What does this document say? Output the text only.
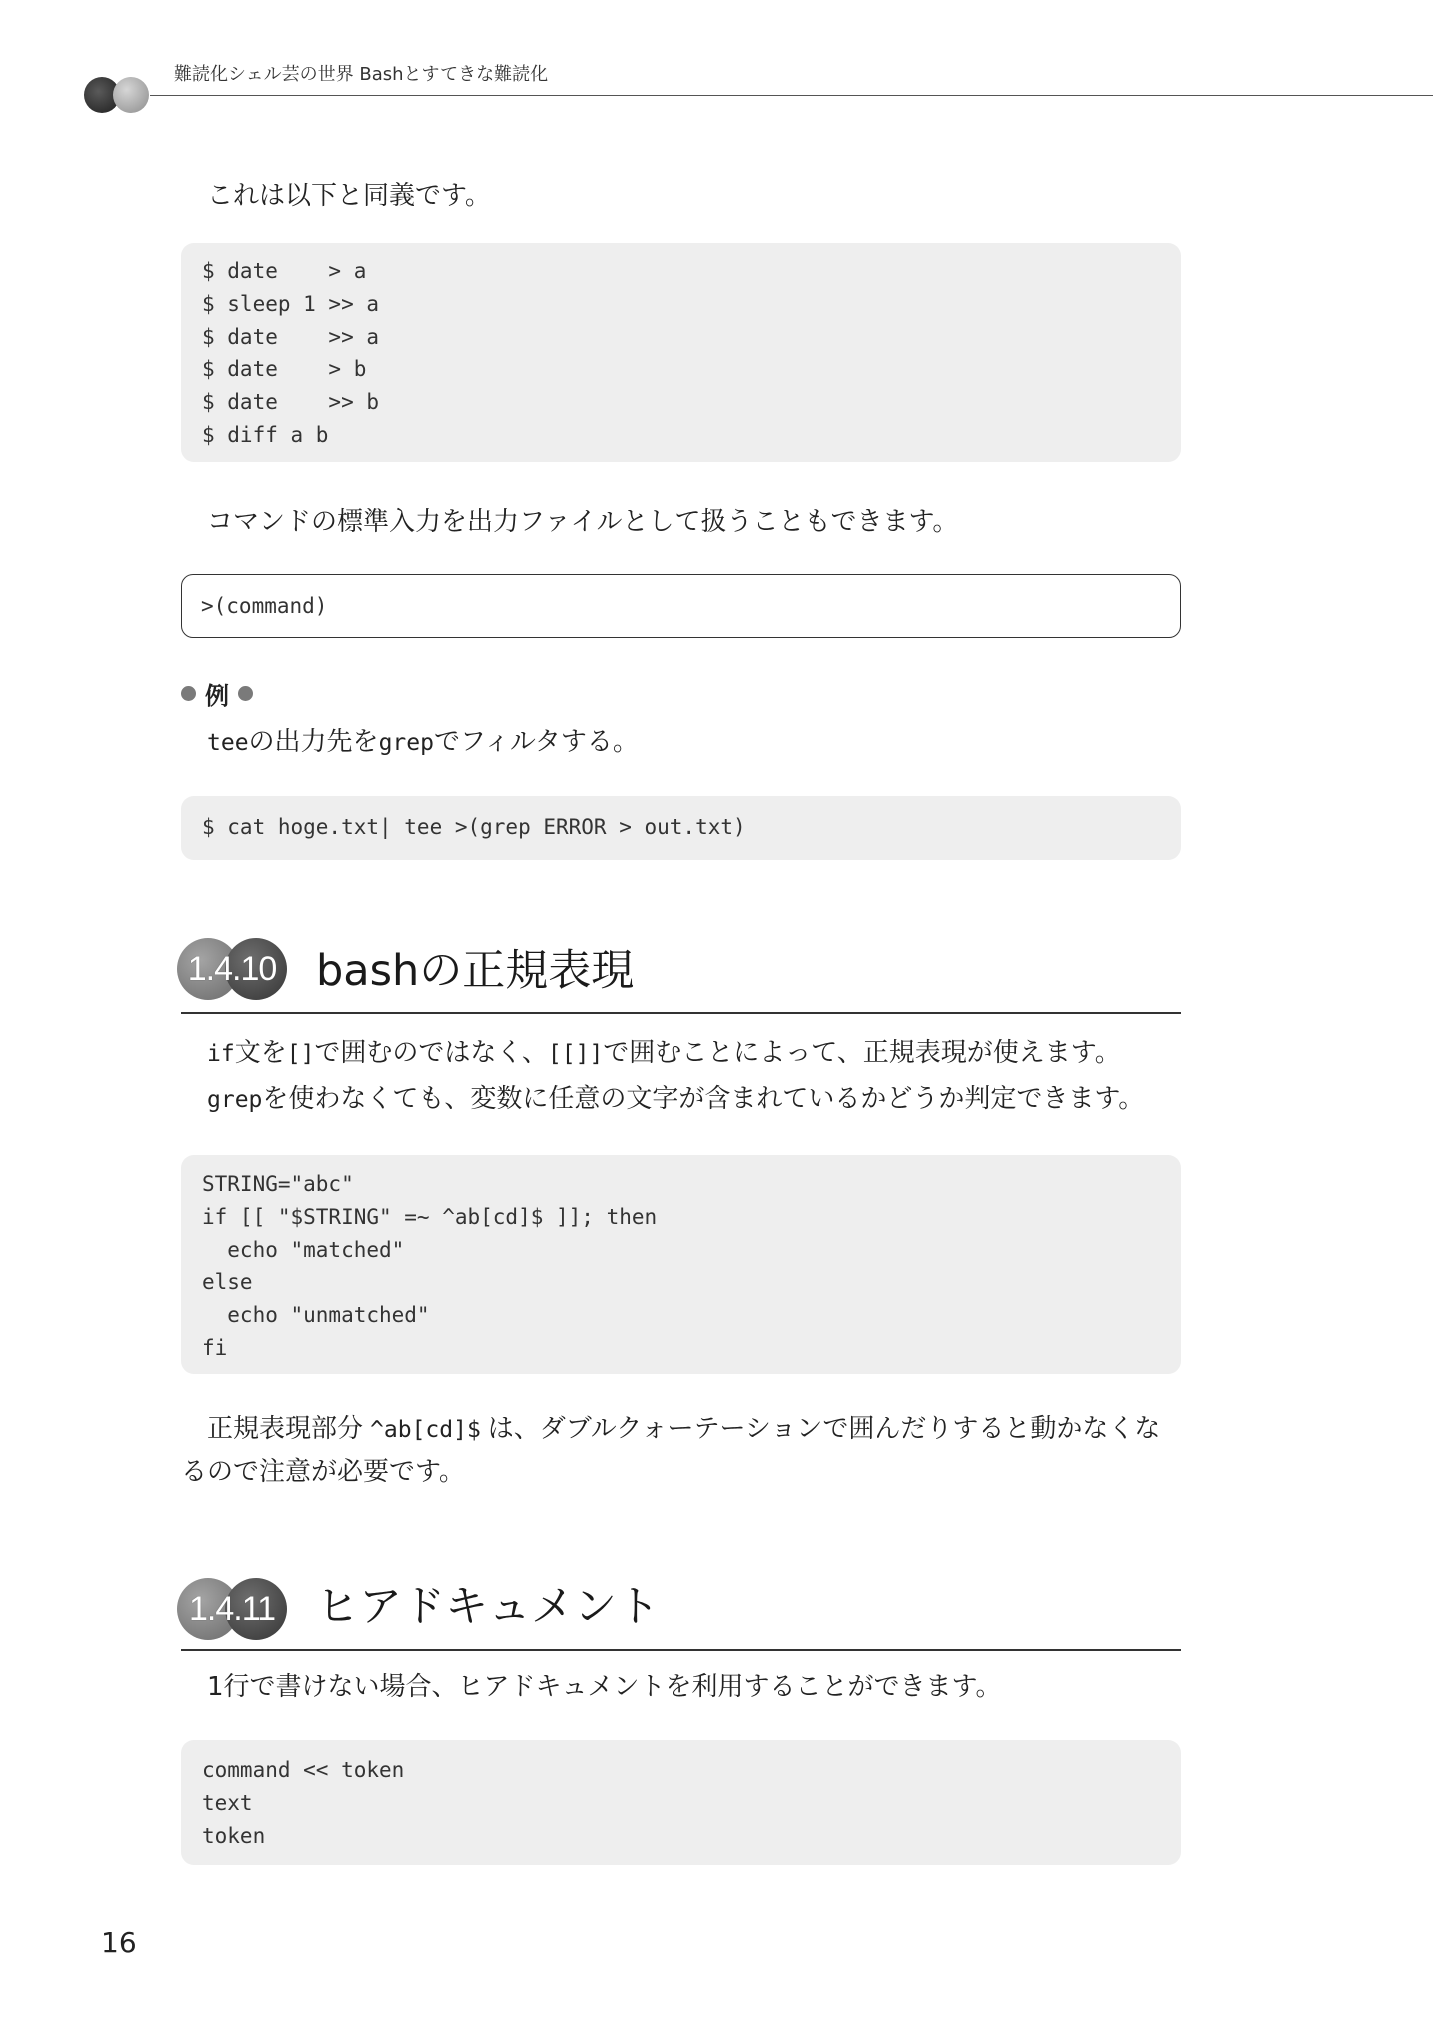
難読化シェル芸の世界 Bashとすてきな難読化

これは以下と同義です。

$ date    > a
$ sleep 1 >> a
$ date    >> a
$ date    > b
$ date    >> b
$ diff a b

コマンドの標準入力を出力ファイルとして扱うこともできます。

>(command)
例

teeの出力先をgrepでフィルタする。

$ cat hoge.txt| tee >(grep ERROR > out.txt)
1.4.10 bashの正規表現

if文を[]で囲むのではなく、[[]]で囲むことによって、正規表現が使えます。

grepを使わなくても、変数に任意の文字が含まれているかどうか判定できます。

STRING="abc"
if [[ "$STRING" =~ ^ab[cd]$ ]]; then
echo "matched"
else
echo "unmatched"
fi

正規表現部分 ^ab[cd]$ は、ダブルクォーテーションで囲んだりすると動かなくな

るので注意が必要です。

1.4.11 ヒアドキュメント

1行で書けない場合、ヒアドキュメントを利用することができます。

command << token
text
token
16
